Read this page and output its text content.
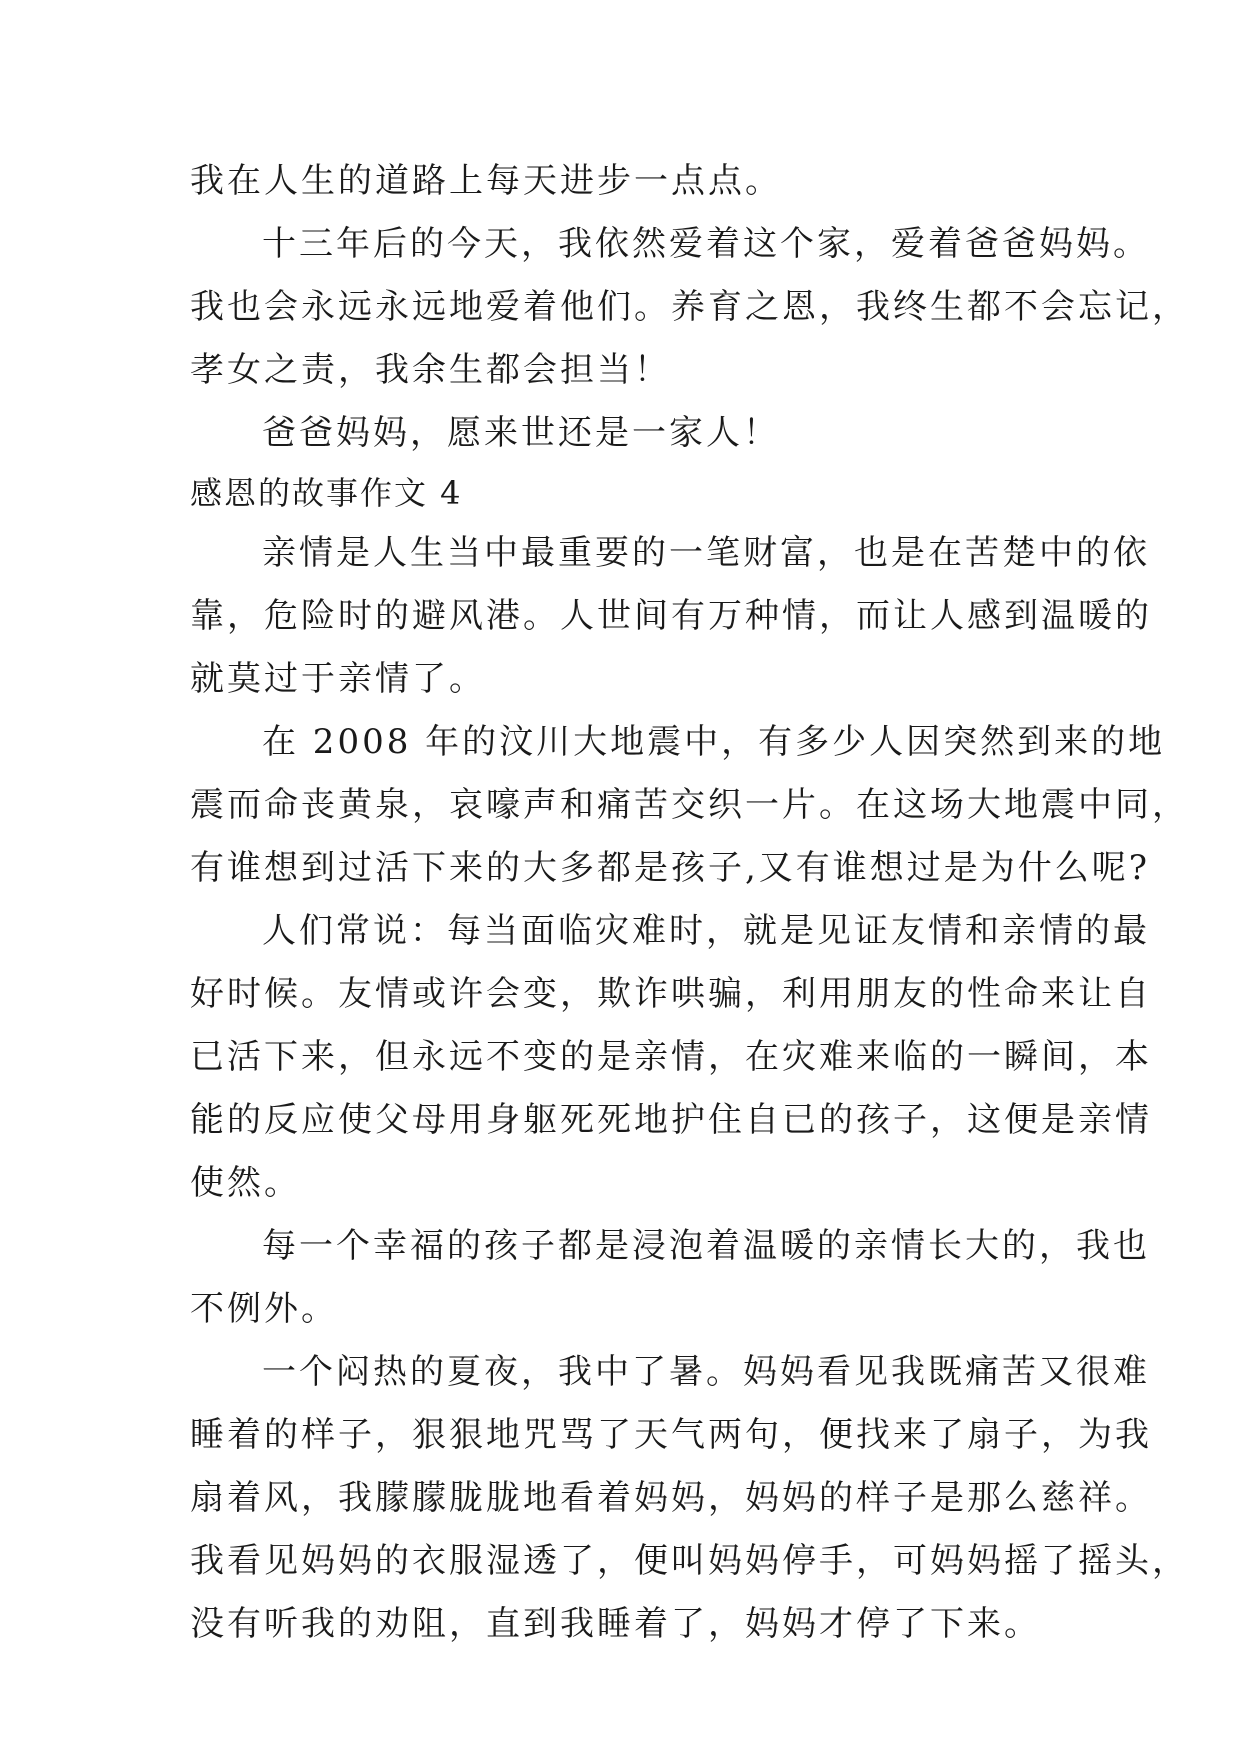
我在人生的道路上每天进步一点点。
十三年后的今天，我依然爱着这个家，爱着爸爸妈妈。
我也会永远永远地爱着他们。养育之恩，我终生都不会忘记，
孝女之责，我余生都会担当！
爸爸妈妈，愿来世还是一家人！
感恩的故事作文 4
亲情是人生当中最重要的一笔财富，也是在苦楚中的依
靠，危险时的避风港。人世间有万种情，而让人感到温暖的
就莫过于亲情了。
在 2008 年的汶川大地震中，有多少人因突然到来的地
震而命丧黄泉，哀嚎声和痛苦交织一片。在这场大地震中同，
有谁想到过活下来的大多都是孩子,又有谁想过是为什么呢?
人们常说：每当面临灾难时，就是见证友情和亲情的最
好时候。友情或许会变，欺诈哄骗，利用朋友的性命来让自
已活下来，但永远不变的是亲情，在灾难来临的一瞬间，本
能的反应使父母用身躯死死地护住自已的孩子，这便是亲情
使然。
每一个幸福的孩子都是浸泡着温暖的亲情长大的，我也
不例外。
一个闷热的夏夜，我中了暑。妈妈看见我既痛苦又很难
睡着的样子，狠狠地咒骂了天气两句，便找来了扇子，为我
扇着风，我朦朦胧胧地看着妈妈，妈妈的样子是那么慈祥。
我看见妈妈的衣服湿透了，便叫妈妈停手，可妈妈摇了摇头，
没有听我的劝阻，直到我睡着了，妈妈才停了下来。
